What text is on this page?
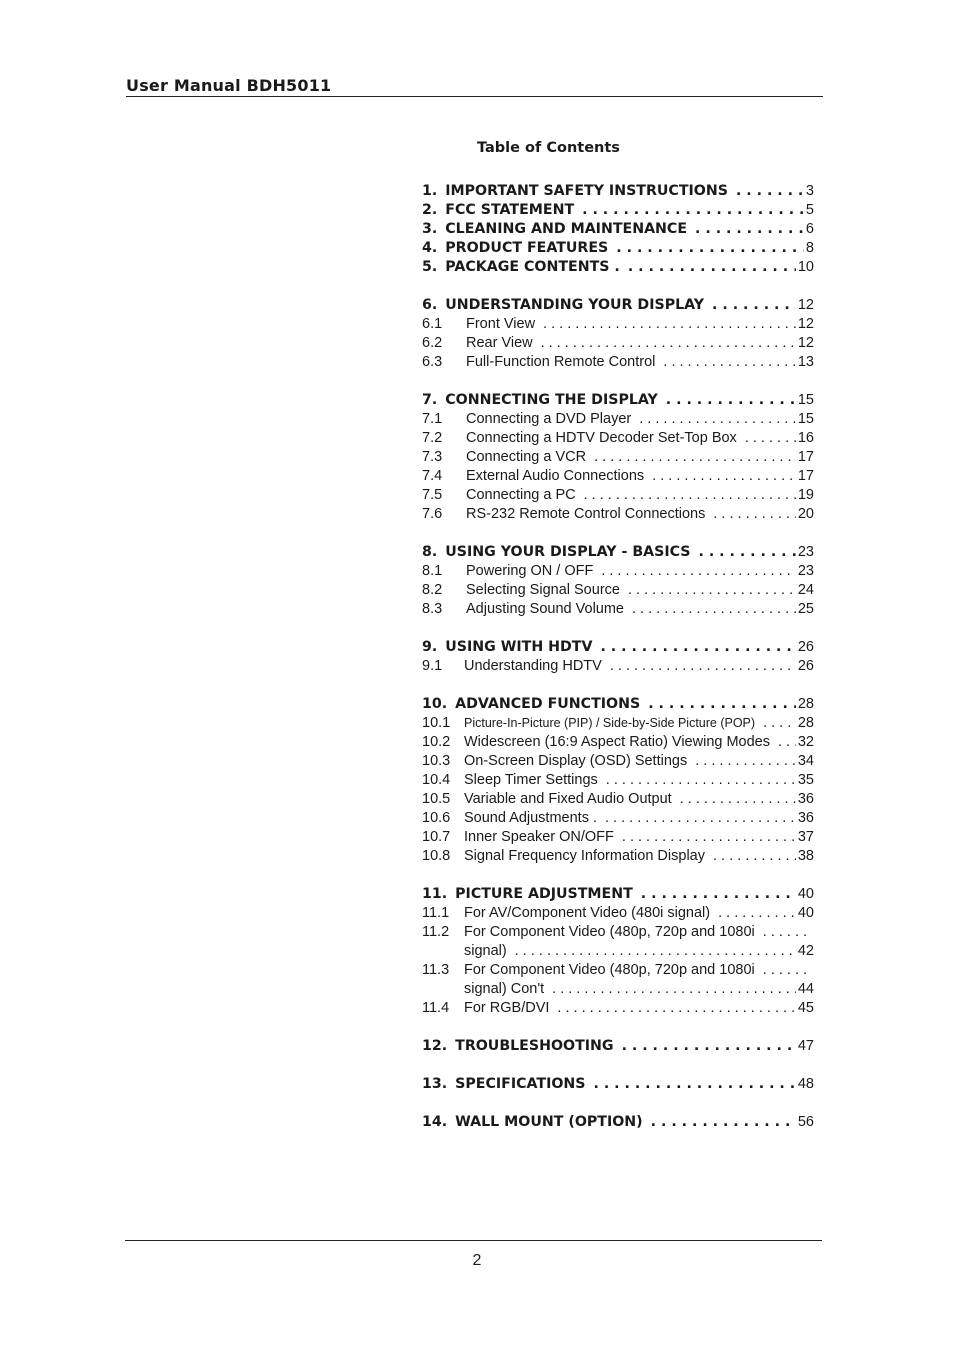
User Manual BDH5011
Table of Contents
1. IMPORTANT SAFETY INSTRUCTIONS . . .	3
2. FCC STATEMENT . . .	5
3. CLEANING AND MAINTENANCE . . .	6
4. PRODUCT FEATURES . . .	8
5. PACKAGE CONTENTS . . . .	10
6. UNDERSTANDING YOUR DISPLAY . . .	12
6.1	Front View . . .	12
6.2	Rear View . . .	12
6.3	Full-Function Remote Control . . .	13
7. CONNECTING THE DISPLAY . . .	15
7.1	Connecting a DVD Player . . .	15
7.2	Connecting a HDTV Decoder Set-Top Box . . .	16
7.3	Connecting a VCR . . .	17
7.4	External Audio Connections . . .	17
7.5	Connecting a PC . . .	19
7.6	RS-232 Remote Control Connections . . .	20
8. USING YOUR DISPLAY - BASICS . . .	23
8.1	Powering ON / OFF . . .	23
8.2	Selecting Signal Source . . .	24
8.3	Adjusting Sound Volume . . .	25
9. USING WITH HDTV . . .	26
9.1	Understanding HDTV . . .	26
10. ADVANCED FUNCTIONS . . .	28
10.1	Picture-In-Picture (PIP) / Side-by-Side Picture (POP) . . .	28
10.2 Widescreen (16:9 Aspect Ratio) Viewing Modes . . . 32
10.3 On-Screen Display (OSD) Settings . . .	34
10.4 Sleep Timer Settings . . .	35
10.5 Variable and Fixed Audio Output . . .	36
10.6 Sound Adjustments . . . .	36
10.7 Inner Speaker ON/OFF . . .	37
10.8 Signal Frequency Information Display . . .	38
11. PICTURE ADJUSTMENT . . .	40
11.1	For AV/Component Video (480i signal) . . .	40
11.2	For Component Video (480p, 720p and 1080i
. . .
signal) . . .	42
11.3	For Component Video (480p, 720p and 1080i
. . .
signal) Con't . . .	44
11.4	For RGB/DVI . . .	45
12. TROUBLESHOOTING . . .	47
13. SPECIFICATIONS . . .	48
14. WALL MOUNT (OPTION) . . .	56
2
